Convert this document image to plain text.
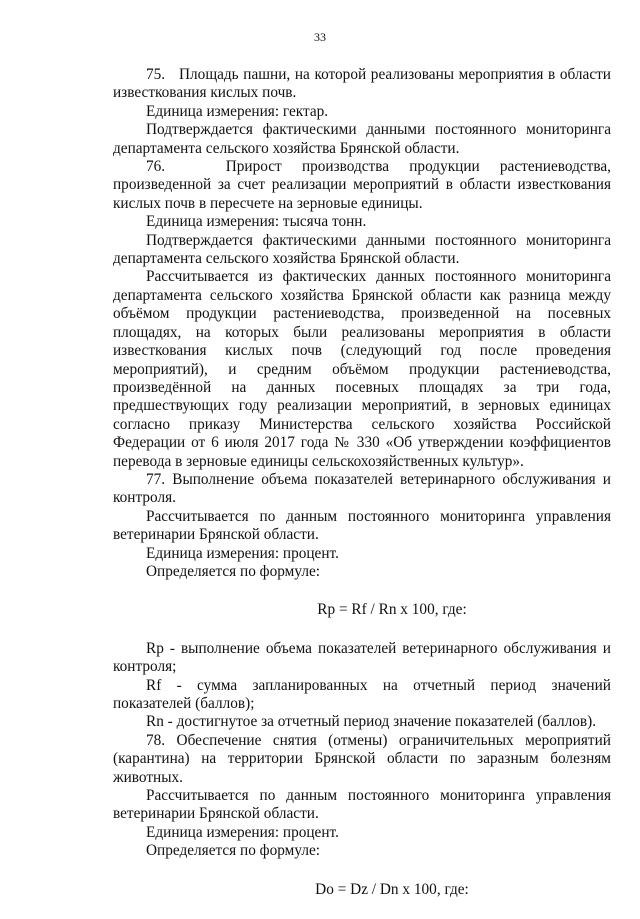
33

75.   Площадь пашни, на которой реализованы мероприятия в области известкования кислых почв.

Единица измерения: гектар.

Подтверждается фактическими данными постоянного мониторинга департамента сельского хозяйства Брянской области.

76.   Прирост производства продукции растениеводства, произведенной за счет реализации мероприятий в области известкования кислых почв в пересчете на зерновые единицы.

Единица измерения: тысяча тонн.

Подтверждается фактическими данными постоянного мониторинга департамента сельского хозяйства Брянской области.

Рассчитывается из фактических данных постоянного мониторинга департамента сельского хозяйства Брянской области как разница между объёмом продукции растениеводства, произведенной на посевных площадях, на которых были реализованы мероприятия в области известкования кислых почв (следующий год после проведения мероприятий), и средним объёмом продукции растениеводства, произведённой на данных посевных площадях за три года, предшествующих году реализации мероприятий, в зерновых единицах согласно приказу Министерства сельского хозяйства Российской Федерации от 6 июля 2017 года № 330 «Об утверждении коэффициентов перевода в зерновые единицы сельскохозяйственных культур».

77. Выполнение объема показателей ветеринарного обслуживания и контроля.

Рассчитывается по данным постоянного мониторинга управления ветеринарии Брянской области.

Единица измерения: процент.

Определяется по формуле:

Rp = Rf / Rn x 100, где:

Rp - выполнение объема показателей ветеринарного обслуживания и контроля;

Rf - сумма запланированных на отчетный период значений показателей (баллов);

Rn - достигнутое за отчетный период значение показателей (баллов).

78. Обеспечение снятия (отмены) ограничительных мероприятий (карантина) на территории Брянской области по заразным болезням животных.

Рассчитывается по данным постоянного мониторинга управления ветеринарии Брянской области.

Единица измерения: процент.

Определяется по формуле:

Do = Dz / Dn x 100, где:
